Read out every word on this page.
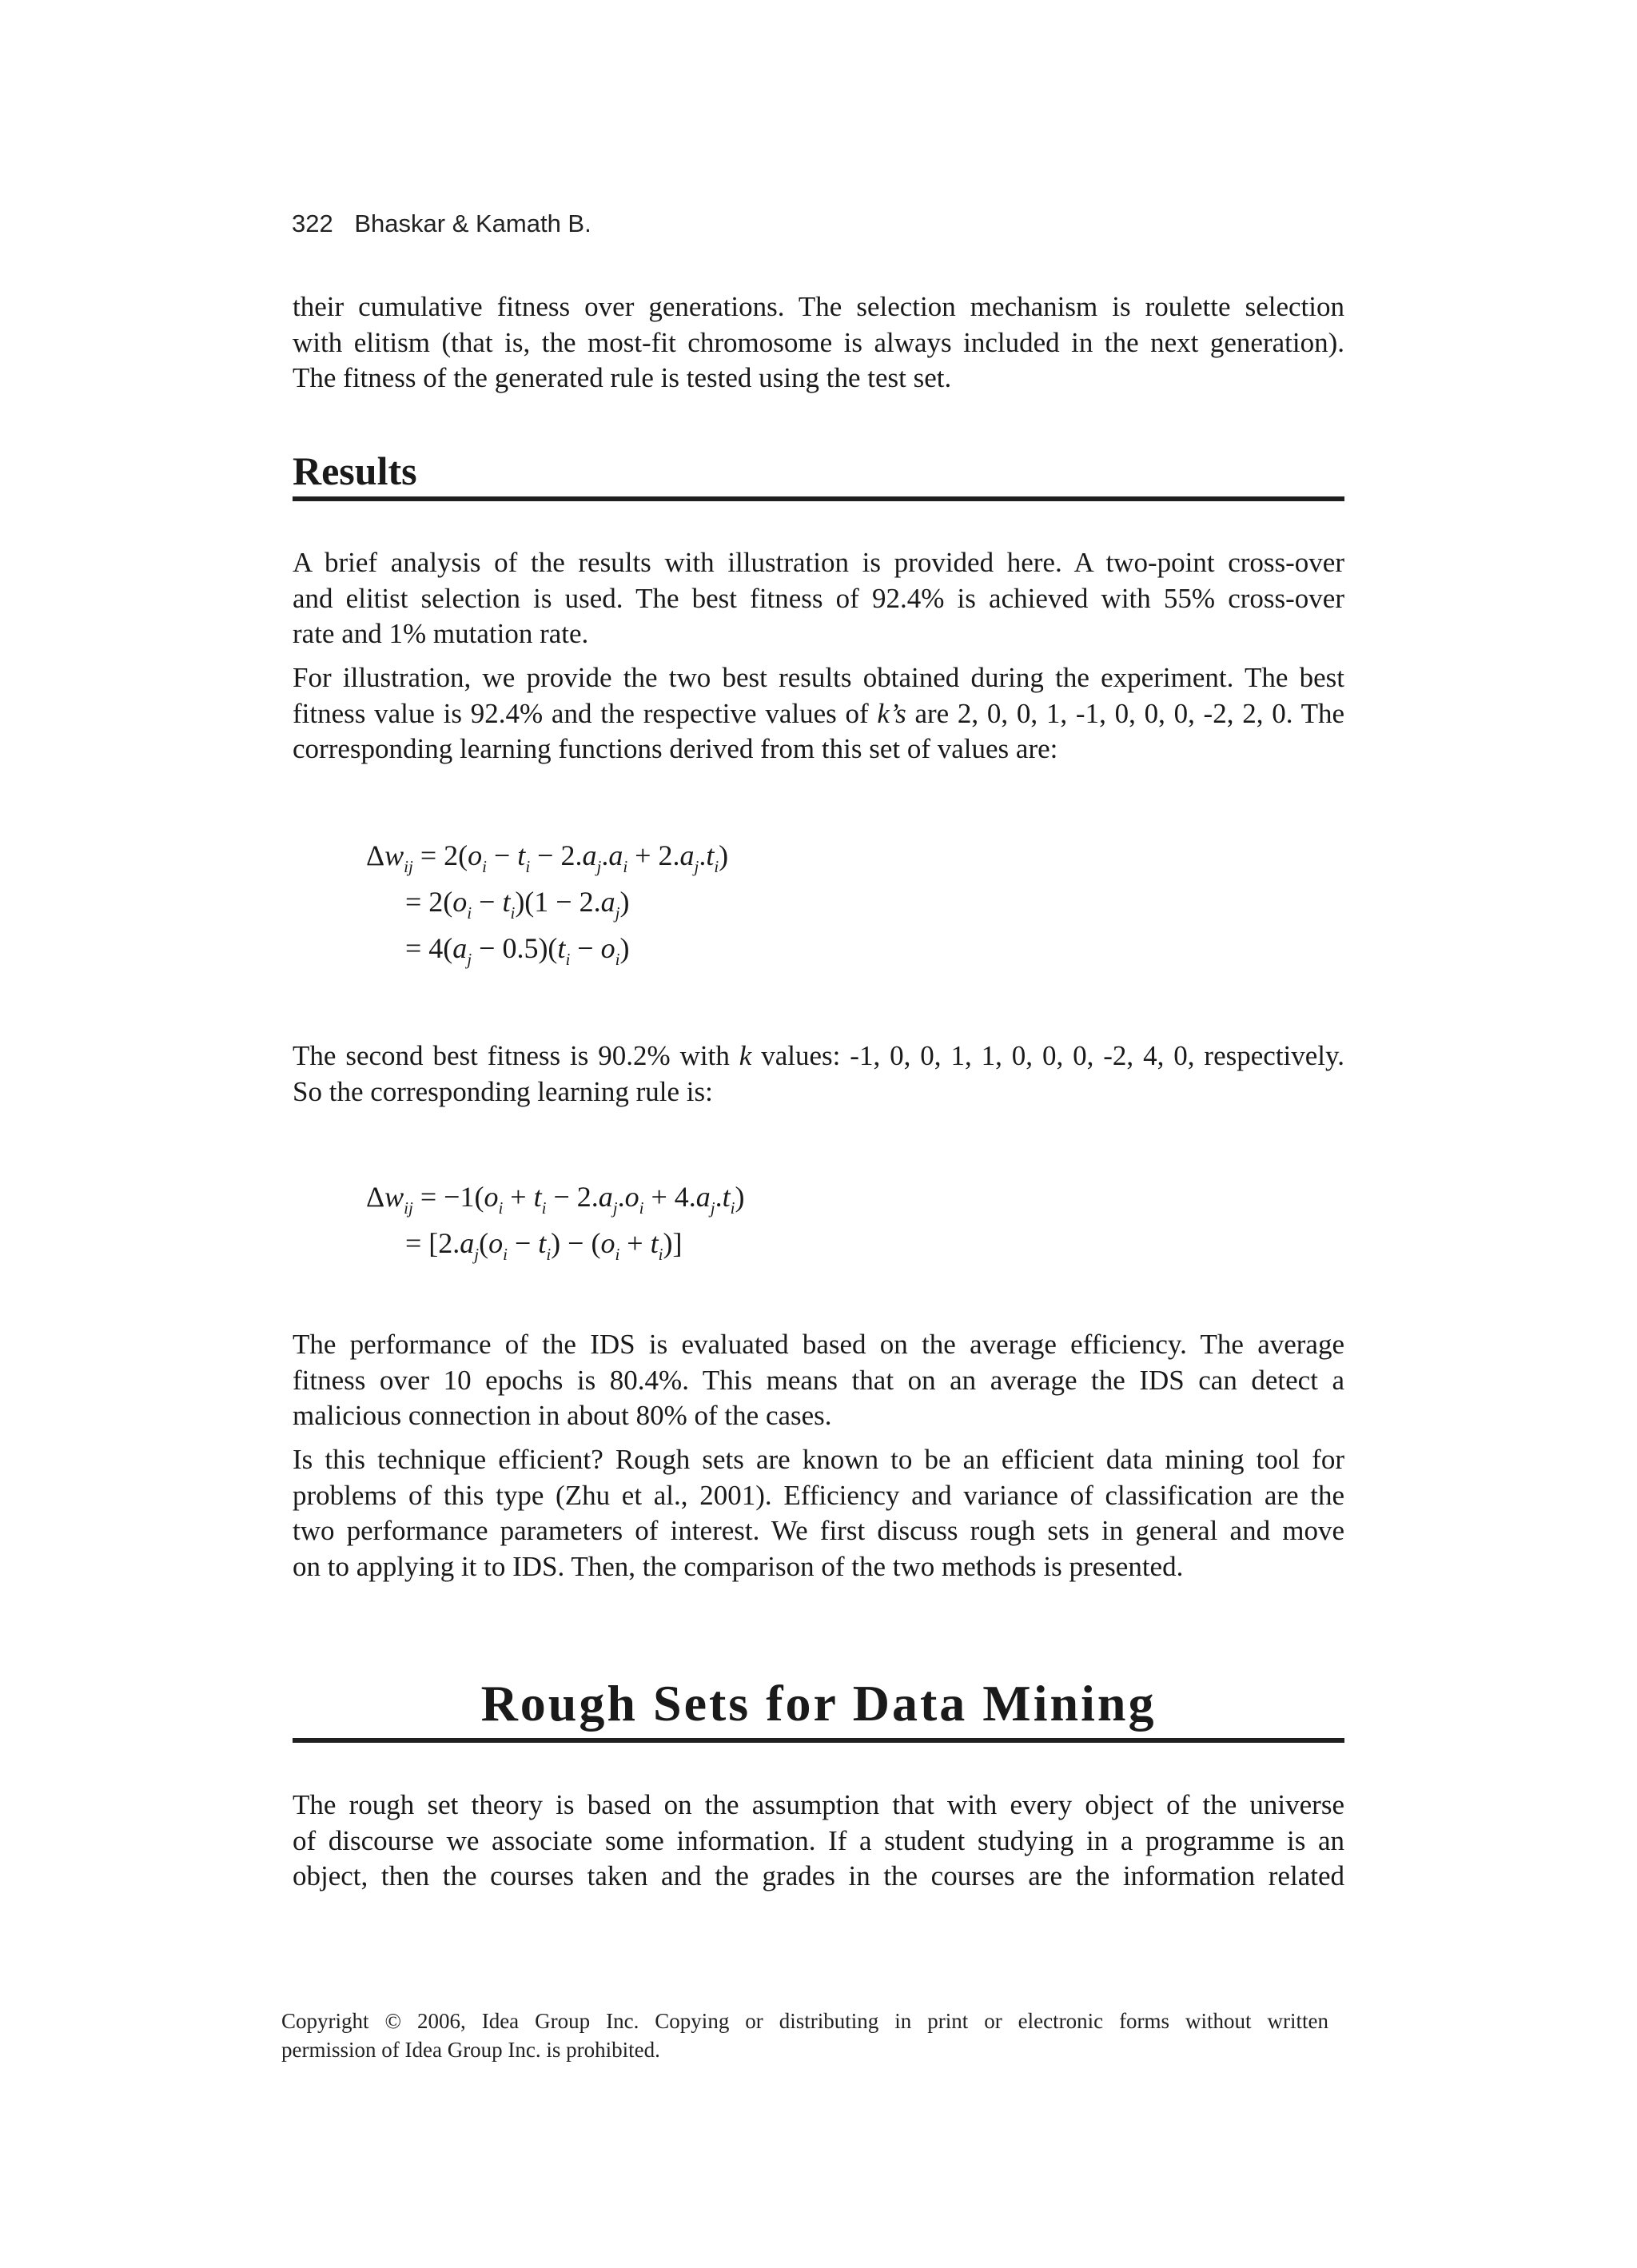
322 Bhaskar & Kamath B.
their cumulative fitness over generations. The selection mechanism is roulette selection
with elitism (that is, the most-fit chromosome is always included in the next generation).
The fitness of the generated rule is tested using the test set.
Results
A brief analysis of the results with illustration is provided here. A two-point cross-over
and elitist selection is used. The best fitness of 92.4% is achieved with 55% cross-over
rate and 1% mutation rate.
For illustration, we provide the two best results obtained during the experiment. The best
fitness value is 92.4% and the respective values of k’s are 2, 0, 0, 1, -1, 0, 0, 0, -2, 2, 0. The
corresponding learning functions derived from this set of values are:
$\Delta w_{ij} = 2(o_i - t_i - 2.a_j.a_i + 2.a_j.t_i)$
= $2(o_i - t_i)(1 - 2.a_j)$
= $4(a_j - 0.5)(t_i - o_i)$
The second best fitness is 90.2% with k values: -1, 0, 0, 1, 1, 0, 0, 0, -2, 4, 0, respectively.
So the corresponding learning rule is:
$\Delta w_{ij} = -1(o_i + t_i - 2.a_j.o_i + 4.a_j.t_i)$
= $[2.a_j(o_i - t_i) - (o_i + t_i)]$
The performance of the IDS is evaluated based on the average efficiency. The average
fitness over 10 epochs is 80.4%. This means that on an average the IDS can detect a
malicious connection in about 80% of the cases.
Is this technique efficient? Rough sets are known to be an efficient data mining tool for
problems of this type (Zhu et al., 2001). Efficiency and variance of classification are the
two performance parameters of interest. We first discuss rough sets in general and move
on to applying it to IDS. Then, the comparison of the two methods is presented.
Rough Sets for Data Mining
The rough set theory is based on the assumption that with every object of the universe
of discourse we associate some information. If a student studying in a programme is an
object, then the courses taken and the grades in the courses are the information related
Copyright © 2006, Idea Group Inc. Copying or distributing in print or electronic forms without written
permission of Idea Group Inc. is prohibited.
